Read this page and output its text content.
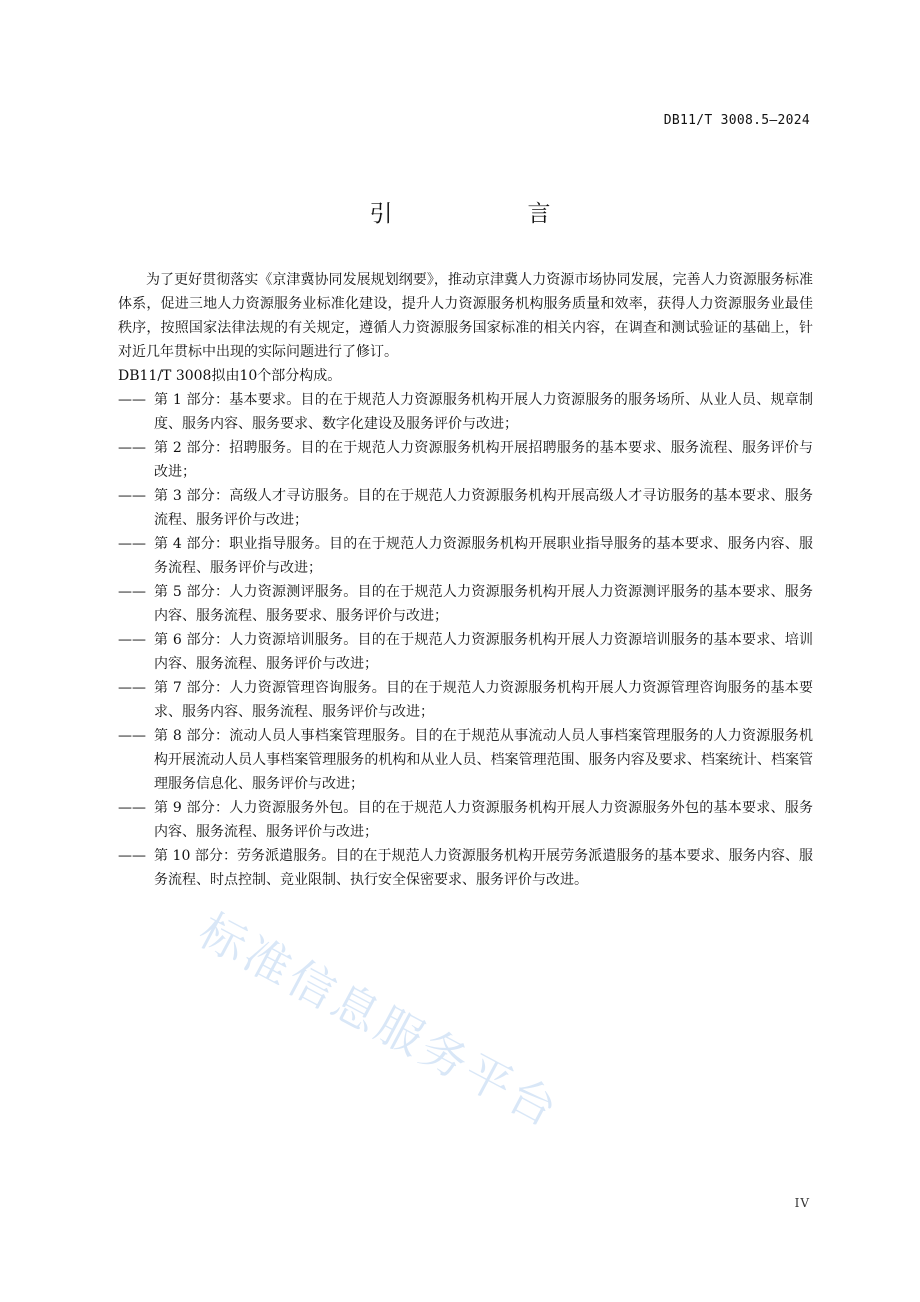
DB11/T 3008.5—2024
引　言

为了更好贯彻落实《京津冀协同发展规划纲要》，推动京津冀人力资源市场协同发展，完善人力资源服务标准体系，促进三地人力资源服务业标准化建设，提升人力资源服务机构服务质量和效率，获得人力资源服务业最佳秩序，按照国家法律法规的有关规定，遵循人力资源服务国家标准的相关内容，在调查和测试验证的基础上，针对近几年贯标中出现的实际问题进行了修订。

DB11/T 3008拟由10个部分构成。

—— 第 1 部分：基本要求。目的在于规范人力资源服务机构开展人力资源服务的服务场所、从业人员、规章制度、服务内容、服务要求、数字化建设及服务评价与改进；
—— 第 2 部分：招聘服务。目的在于规范人力资源服务机构开展招聘服务的基本要求、服务流程、服务评价与改进；
—— 第 3 部分：高级人才寻访服务。目的在于规范人力资源服务机构开展高级人才寻访服务的基本要求、服务流程、服务评价与改进；
—— 第 4 部分：职业指导服务。目的在于规范人力资源服务机构开展职业指导服务的基本要求、服务内容、服务流程、服务评价与改进；
—— 第 5 部分：人力资源测评服务。目的在于规范人力资源服务机构开展人力资源测评服务的基本要求、服务内容、服务流程、服务要求、服务评价与改进；
—— 第 6 部分：人力资源培训服务。目的在于规范人力资源服务机构开展人力资源培训服务的基本要求、培训内容、服务流程、服务评价与改进；
—— 第 7 部分：人力资源管理咨询服务。目的在于规范人力资源服务机构开展人力资源管理咨询服务的基本要求、服务内容、服务流程、服务评价与改进；
—— 第 8 部分：流动人员人事档案管理服务。目的在于规范从事流动人员人事档案管理服务的人力资源服务机构开展流动人员人事档案管理服务的机构和从业人员、档案管理范围、服务内容及要求、档案统计、档案管理服务信息化、服务评价与改进；
—— 第 9 部分：人力资源服务外包。目的在于规范人力资源服务机构开展人力资源服务外包的基本要求、服务内容、服务流程、服务评价与改进；
—— 第 10 部分：劳务派遣服务。目的在于规范人力资源服务机构开展劳务派遣服务的基本要求、服务内容、服务流程、时点控制、竞业限制、执行安全保密要求、服务评价与改进。
标准信息服务平台
IV
